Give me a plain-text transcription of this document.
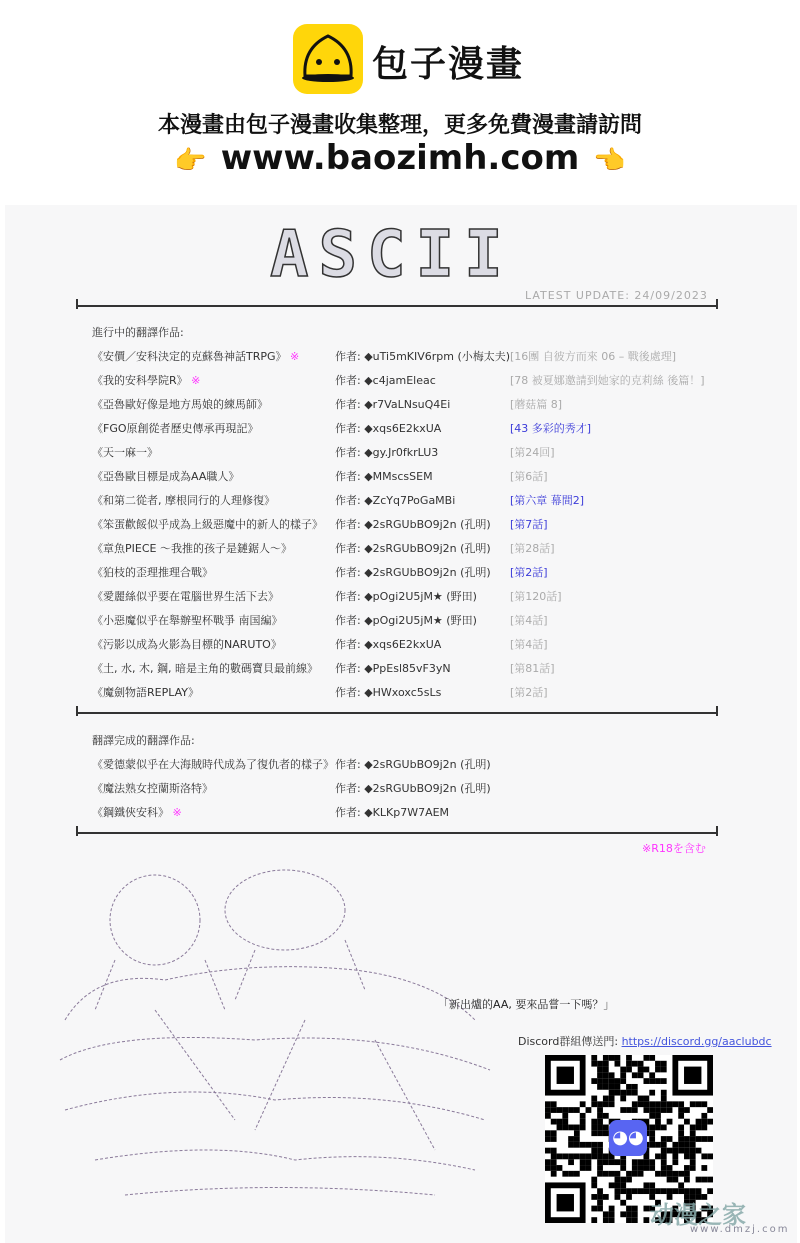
包子漫畫
本漫畫由包子漫畫收集整理，更多免費漫畫請訪問
👉 www.baozimh.com 👈
ASCII
LATEST UPDATE: 24/09/2023
進行中的翻譯作品:
《安價／安科決定的克蘇魯神話TRPG》 ※	作者: ◆uTi5mKIV6rpm (小梅太夫) [16團 自彼方而來 06 – 戰後處理]
《我的安科學院R》 ※	作者: ◆c4jamEleac	[78 被夏娜邀請到她家的克莉絲 後篇！]
《亞魯歐好像是地方馬娘的練馬師》	作者: ◆r7VaLNsuQ4Ei	[蘑菇篇 8]
《FGO原創從者歷史傳承再現記》	作者: ◆xqs6E2kxUA	[43 多彩的秀才]
《天一麻一》	作者: ◆gy.Jr0fkrLU3	[第24回]
《亞魯歐目標是成為AA職人》	作者: ◆MMscsSEM	[第6話]
《和第二從者, 摩根同行的人理修復》	作者: ◆ZcYq7PoGaMBi	[第六章 幕間2]
《笨蛋歡餒似乎成為上級惡魔中的新人的樣子》 作者: ◆2sRGUbBO9j2n (孔明) [第7話]
《章魚PIECE ～我推的孩子是鏈鋸人～》	作者: ◆2sRGUbBO9j2n (孔明) [第28話]
《狛枝的歪理推理合戰》	作者: ◆2sRGUbBO9j2n (孔明) [第2話]
《愛麗絲似乎要在電腦世界生活下去》	作者: ◆pOgi2U5jM★ (野田)	[第120話]
《小惡魔似乎在舉辦聖杯戰爭 南国編》	作者: ◆pOgi2U5jM★ (野田)	[第4話]
《污影以成為火影為目標的NARUTO》	作者: ◆xqs6E2kxUA	[第4話]
《土, 水, 木, 鋼, 暗是主角的數碼寶貝最前線》 作者: ◆PpEsl85vF3yN	[第81話]
《魔劍物語REPLAY》	作者: ◆HWxoxc5sLs	[第2話]
翻譯完成的翻譯作品:
《愛德蒙似乎在大海賊時代成為了復仇者的樣子》 作者: ◆2sRGUbBO9j2n (孔明)
《魔法熟女控蘭斯洛特》	作者: ◆2sRGUbBO9j2n (孔明)
《鋼鐵俠安科》 ※	作者: ◆KLKp7W7AEM
※R18を含む
「新出爐的AA, 要來品嘗一下嗎？」
Discord群組傳送門: https://discord.gg/aaclubdc
◕◕
动漫之家
www.dmzj.com
